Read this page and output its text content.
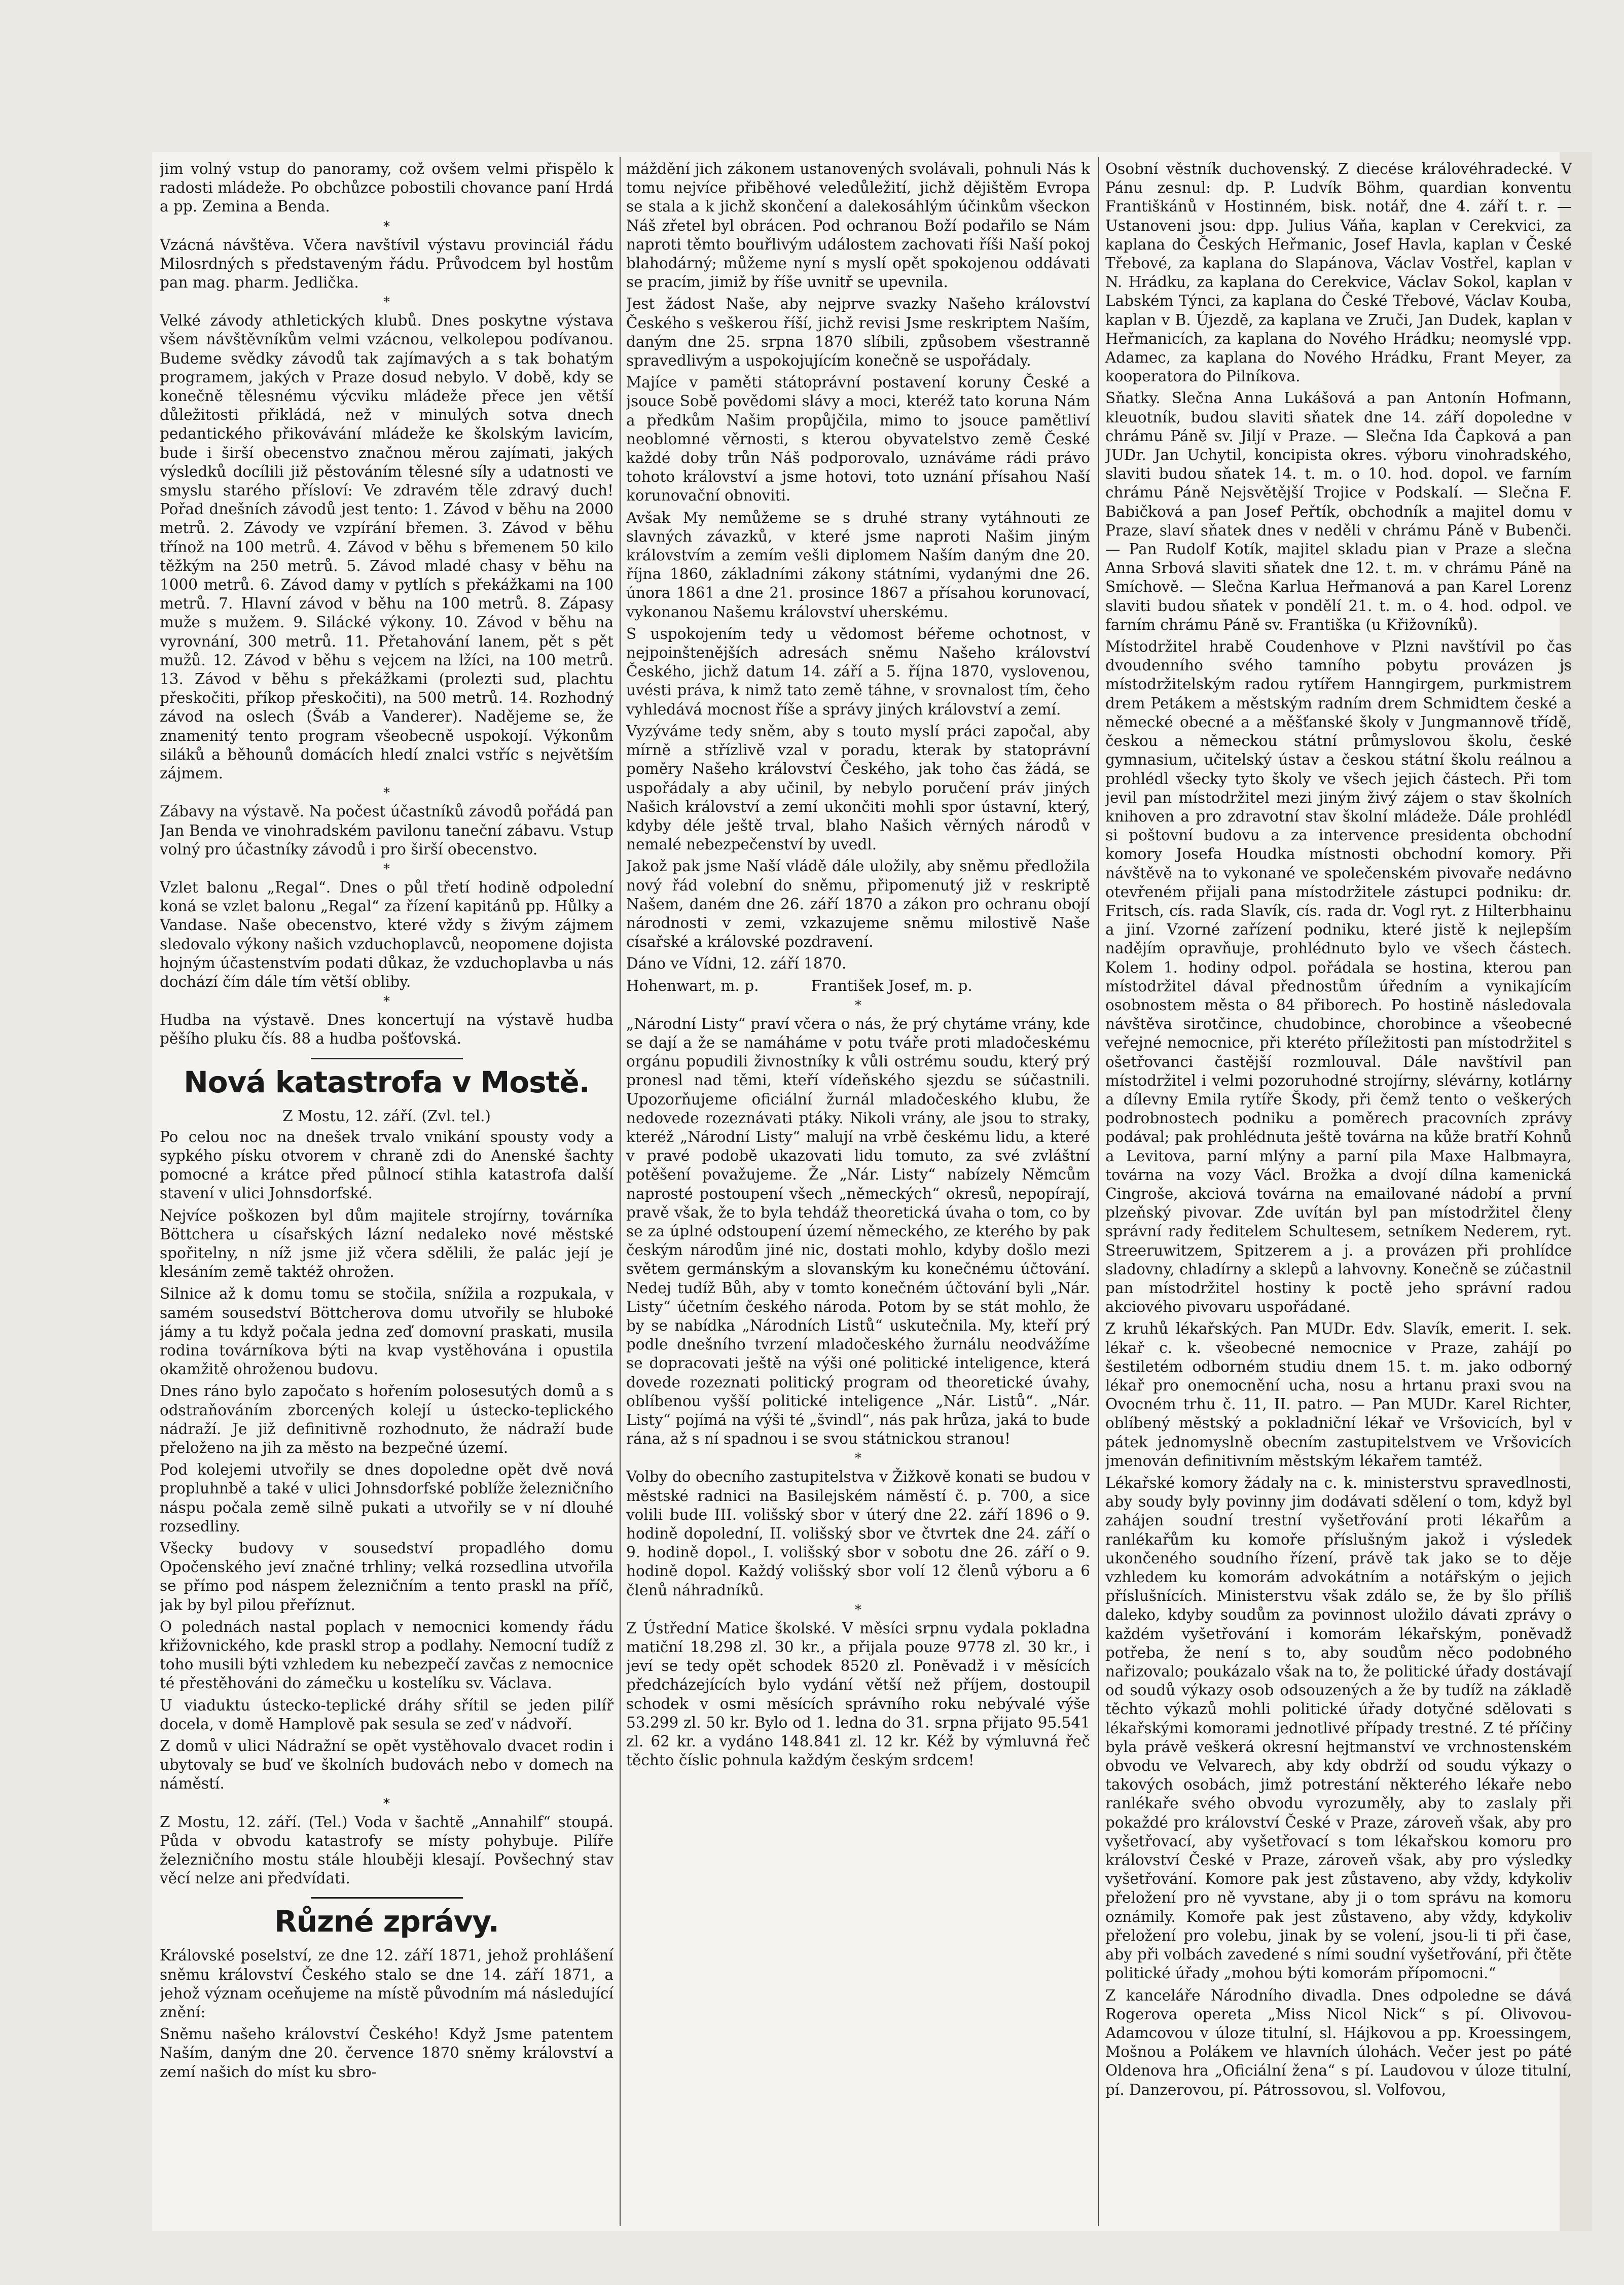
jim volný vstup do panoramy, což ovšem velmi přispělo k radosti mládeže. Po obchůzce pobostili chovance paní Hrdá a pp. Zemina a Benda.

*

Vzácná návštěva. Včera navštívil výstavu provinciál řádu Milosrdných s představeným řádu. Průvodcem byl hostům pan mag. pharm. Jedlička.

*

Velké závody athletických klubů. Dnes poskytne výstava všem návštěvníkům velmi vzácnou, velkolepou podívanou. Budeme svědky závodů tak zajímavých a s tak bohatým programem, jakých v Praze dosud nebylo. V době, kdy se konečně tělesnému výcviku mládeže přece jen větší důležitosti přikládá, než v minulých sotva dnech pedantického přikovávání mládeže ke školským lavicím, bude i širší obecenstvo značnou měrou zajímati, jakých výsledků docílili již pěstováním tělesné síly a udatnosti ve smyslu starého přísloví: Ve zdravém těle zdravý duch! Pořad dnešních závodů jest tento: 1. Závod v běhu na 2000 metrů. 2. Závody ve vzpírání břemen. 3. Závod v běhu třínož na 100 metrů. 4. Závod v běhu s břemenem 50 kilo těžkým na 250 metrů. 5. Závod mladé chasy v běhu na 1000 metrů. 6. Závod damy v pytlích s překážkami na 100 metrů. 7. Hlavní závod v běhu na 100 metrů. 8. Zápasy muže s mužem. 9. Silácké výkony. 10. Závod v běhu na vyrovnání, 300 metrů. 11. Přetahování lanem, pět s pět mužů. 12. Závod v běhu s vejcem na lžíci, na 100 metrů. 13. Závod v běhu s překážkami (prolezti sud, plachtu přeskočiti, příkop přeskočiti), na 500 metrů. 14. Rozhodný závod na oslech (Šváb a Vanderer). Nadějeme se, že znamenitý tento program všeobecně uspokojí. Výkonům siláků a běhounů domácích hledí znalci vstříc s největším zájmem.

*

Zábavy na výstavě. Na počest účastníků závodů pořádá pan Jan Benda ve vinohradském pavilonu taneční zábavu. Vstup volný pro účastníky závodů i pro širší obecenstvo.

*

Vzlet balonu „Regal“. Dnes o půl třetí hodině odpolední koná se vzlet balonu „Regal“ za řízení kapitánů pp. Hůlky a Vandase. Naše obecenstvo, které vždy s živým zájmem sledovalo výkony našich vzduchoplavců, neopomene dojista hojným účastenstvím podati důkaz, že vzduchoplavba u nás dochází čím dále tím větší obliby.

*

Hudba na výstavě. Dnes koncertují na výstavě hudba pěšího pluku čís. 88 a hudba pošťovská.

Nová katastrofa v Mostě.
Z Mostu, 12. září. (Zvl. tel.)

Po celou noc na dnešek trvalo vnikání spousty vody a sypkého písku otvorem v chraně zdi do Anenské šachty pomocné a krátce před půlnocí stihla katastrofa další stavení v ulici Johnsdorfské.

Nejvíce poškozen byl dům majitele strojírny, továrníka Böttchera u císařských lázní nedaleko nové městské spořitelny, n níž jsme již včera sdělili, že palác její je klesáním země taktéž ohrožen.

Silnice až k domu tomu se stočila, snížila a rozpukala, v samém sousedství Böttcherova domu utvořily se hluboké jámy a tu když počala jedna zeď domovní praskati, musila rodina továrníkova býti na kvap vystěhována i opustila okamžitě ohroženou budovu.

Dnes ráno bylo započato s hořením polosesutých domů a s odstraňováním zborcených kolejí u ústecko-teplického nádraží. Je již definitivně rozhodnuto, že nádraží bude přeloženo na jih za město na bezpečné území.

Pod kolejemi utvořily se dnes dopoledne opět dvě nová propluhnbě a také v ulici Johnsdorfské poblíže železničního náspu počala země silně pukati a utvořily se v ní dlouhé rozsedliny.

Všecky budovy v sousedství propadlého domu Opočenského jeví značné trhliny; velká rozsedlina utvořila se přímo pod náspem železničním a tento praskl na příč, jak by byl pilou přeříznut.

O polednách nastal poplach v nemocnici komendy řádu křižovnického, kde praskl strop a podlahy. Nemocní tudíž z toho musili býti vzhledem ku nebezpečí zavčas z nemocnice té přestěhováni do zámečku u kostelíku sv. Václava.

U viaduktu ústecko-teplické dráhy sřítil se jeden pilíř docela, v domě Hamplově pak sesula se zeď v nádvoří.

Z domů v ulici Nádražní se opět vystěhovalo dvacet rodin i ubytovaly se buď ve školních budovách nebo v domech na náměstí.

*

Z Mostu, 12. září. (Tel.) Voda v šachtě „Annahilf“ stoupá. Půda v obvodu katastrofy se místy pohybuje. Pilíře železničního mostu stále hlouběji klesají. Povšechný stav věcí nelze ani předvídati.

Různé zprávy.

Královské poselství, ze dne 12. září 1871, jehož prohlášení sněmu království Českého stalo se dne 14. září 1871, a jehož význam oceňujeme na místě původním má následující znění:

Sněmu našeho království Českého! Když Jsme patentem Naším, daným dne 20. července 1870 sněmy království a zemí našich do míst ku sbro-

máždění jich zákonem ustanovených svolávali, pohnuli Nás k tomu nejvíce přiběhové veledůležití, jichž dějištěm Evropa se stala a k jichž skončení a dalekosáhlým účinkům všeckon Náš zřetel byl obrácen. Pod ochranou Boží podařilo se Nám naproti těmto bouřlivým událostem zachovati říši Naší pokoj blahodárný; můžeme nyní s myslí opět spokojenou oddávati se pracím, jimiž by říše uvnitř se upevnila.

Jest žádost Naše, aby nejprve svazky Našeho království Českého s veškerou říší, jichž revisi Jsme reskriptem Naším, daným dne 25. srpna 1870 slíbili, způsobem všestranně spravedlivým a uspokojujícím konečně se uspořádaly.

Majíce v paměti státoprávní postavení koruny České a jsouce Sobě povědomi slávy a moci, kteréž tato koruna Nám a předkům Našim propůjčila, mimo to jsouce pamětliví neoblomné věrnosti, s kterou obyvatelstvo země České každé doby trůn Náš podporovalo, uznáváme rádi právo tohoto království a jsme hotovi, toto uznání přísahou Naší korunovační obnoviti.

Avšak My nemůžeme se s druhé strany vytáhnouti ze slavných závazků, v které jsme naproti Našim jiným královstvím a zemím vešli diplomem Naším daným dne 20. října 1860, základními zákony státními, vydanými dne 26. února 1861 a dne 21. prosince 1867 a přísahou korunovací, vykonanou Našemu království uherskému.

S uspokojením tedy u vědomost béřeme ochotnost, v nejpoinštenějších adresách sněmu Našeho království Českého, jichž datum 14. září a 5. října 1870, vyslovenou, uvésti práva, k nimž tato země táhne, v srovnalost tím, čeho vyhledává mocnost říše a správy jiných království a zemí.

Vyzýváme tedy sněm, aby s touto myslí práci započal, aby mírně a střízlivě vzal v poradu, kterak by statoprávní poměry Našeho království Českého, jak toho čas žádá, se uspořádaly a aby učinil, by nebylo poručení práv jiných Našich království a zemí ukončiti mohli spor ústavní, který, kdyby déle ještě trval, blaho Našich věrných národů v nemalé nebezpečenství by uvedl.

Jakož pak jsme Naší vládě dále uložily, aby sněmu předložila nový řád volební do sněmu, připomenutý již v reskriptě Našem, daném dne 26. září 1870 a zákon pro ochranu obojí národnosti v zemi, vzkazujeme sněmu milostivě Naše císařské a královské pozdravení.

Dáno ve Vídni, 12. září 1870.

Hohenwart, m. p.           František Josef, m. p.

*

„Národní Listy“ praví včera o nás, že prý chytáme vrány, kde se dají a že se namáháme v potu tváře proti mladočeskému orgánu popudili živnostníky k vůli ostrému soudu, který prý pronesl nad těmi, kteří vídeňského sjezdu se súčastnili. Upozorňujeme oficiální žurnál mladočeského klubu, že nedovede rozeznávati ptáky. Nikoli vrány, ale jsou to straky, kteréž „Národní Listy“ malují na vrbě českému lidu, a které v pravé podobě ukazovati lidu tomuto, za své zvláštní potěšení považujeme. Že „Nár. Listy“ nabízely Němcům naprosté postoupení všech „německých“ okresů, nepopírají, pravě však, že to byla tehdáž theoretická úvaha o tom, co by se za úplné odstoupení území německého, ze kterého by pak českým národům jiné nic, dostati mohlo, kdyby došlo mezi světem germánským a slovanským ku konečnému účtování. Nedej tudíž Bůh, aby v tomto konečném účtování byli „Nár. Listy“ účetním českého národa. Potom by se stát mohlo, že by se nabídka „Národních Listů“ uskutečnila. My, kteří prý podle dnešního tvrzení mladočeského žurnálu neodvážíme se dopracovati ještě na výši oné politické inteligence, která dovede rozeznati politický program od theoretické úvahy, oblíbenou vyšší politické inteligence „Nár. Listů“. „Nár. Listy“ pojímá na výši té „švindl“, nás pak hrůza, jaká to bude rána, až s ní spadnou i se svou státnickou stranou!

*

Volby do obecního zastupitelstva v Žižkově konati se budou v městské radnici na Basilejském náměstí č. p. 700, a sice volili bude III. volišský sbor v úterý dne 22. září 1896 o 9. hodině dopolední, II. volišský sbor ve čtvrtek dne 24. září o 9. hodině dopol., I. volišský sbor v sobotu dne 26. září o 9. hodině dopol. Každý volišský sbor volí 12 členů výboru a 6 členů náhradníků.

*

Z Ústřední Matice školské. V měsíci srpnu vydala pokladna matiční 18.298 zl. 30 kr., a přijala pouze 9778 zl. 30 kr., i jeví se tedy opět schodek 8520 zl. Poněvadž i v měsících předcházejících bylo vydání větší než příjem, dostoupil schodek v osmi měsících správního roku nebývalé výše 53.299 zl. 50 kr. Bylo od 1. ledna do 31. srpna přijato 95.541 zl. 62 kr. a vydáno 148.841 zl. 12 kr. Kéž by výmluvná řeč těchto číslic pohnula každým českým srdcem!

Osobní věstník duchovenský. Z diecése královéhradecké. V Pánu zesnul: dp. P. Ludvík Böhm, quardian konventu Františkánů v Hostinném, bisk. notář, dne 4. září t. r. — Ustanoveni jsou: dpp. Julius Váňa, kaplan v Cerekvici, za kaplana do Českých Heřmanic, Josef Havla, kaplan v České Třebové, za kaplana do Slapánova, Václav Vostřel, kaplan v N. Hrádku, za kaplana do Cerekvice, Václav Sokol, kaplan v Labském Týnci, za kaplana do České Třebové, Václav Kouba, kaplan v B. Újezdě, za kaplana ve Zruči, Jan Dudek, kaplan v Heřmanicích, za kaplana do Nového Hrádku; neomyslé vpp. Adamec, za kaplana do Nového Hrádku, Frant Meyer, za kooperatora do Pilníkova.

Sňatky. Slečna Anna Lukášová a pan Antonín Hofmann, kleuotník, budou slaviti sňatek dne 14. září dopoledne v chrámu Páně sv. Jiljí v Praze. — Slečna Ida Čapková a pan JUDr. Jan Uchytil, koncipista okres. výboru vinohradského, slaviti budou sňatek 14. t. m. o 10. hod. dopol. ve farním chrámu Páně Nejsvětější Trojice v Podskalí. — Slečna F. Babičková a pan Josef Peřtík, obchodník a majitel domu v Praze, slaví sňatek dnes v neděli v chrámu Páně v Bubenči. — Pan Rudolf Kotík, majitel skladu pian v Praze a slečna Anna Srbová slaviti sňatek dne 12. t. m. v chrámu Páně na Smíchově. — Slečna Karlua Heřmanová a pan Karel Lorenz slaviti budou sňatek v pondělí 21. t. m. o 4. hod. odpol. ve farním chrámu Páně sv. Františka (u Křižovníků).

Místodržitel hrabě Coudenhove v Plzni navštívil po čas dvoudenního svého tamního pobytu provázen js místodržitelským radou rytířem Hanngirgem, purkmistrem drem Petákem a městským radním drem Schmidtem české a německé obecné a a měšťanské školy v Jungmannově třídě, českou a německou státní průmyslovou školu, české gymnasium, učitelský ústav a českou státní školu reálnou a prohlédl všecky tyto školy ve všech jejich částech. Při tom jevil pan místodržitel mezi jiným živý zájem o stav školních knihoven a pro zdravotní stav školní mládeže. Dále prohlédl si poštovní budovu a za intervence presidenta obchodní komory Josefa Houdka místnosti obchodní komory. Při návštěvě na to vykonané ve společenském pivovaře nedávno otevřeném přijali pana místodržitele zástupci podniku: dr. Fritsch, cís. rada Slavík, cís. rada dr. Vogl ryt. z Hilterbhainu a jiní. Vzorné zařízení podniku, které jistě k nejlepším nadějím opravňuje, prohlédnuto bylo ve všech částech. Kolem 1. hodiny odpol. pořádala se hostina, kterou pan místodržitel dával přednostům úředním a vynikajícím osobnostem města o 84 přiborech. Po hostině následovala návštěva sirotčince, chudobince, chorobince a všeobecné veřejné nemocnice, při kteréto příležitosti pan místodržitel s ošetřovanci častější rozmlouval. Dále navštívil pan místodržitel i velmi pozoruhodné strojírny, slévárny, kotlárny a dílevny Emila rytíře Škody, při čemž tento o veškerých podrobnostech podniku a poměrech pracovních zprávy podával; pak prohlédnuta ještě továrna na kůže bratří Kohnů a Levitova, parní mlýny a parní pila Maxe Halbmayra, továrna na vozy Václ. Brožka a dvojí dílna kamenická Cingroše, akciová továrna na emailované nádobí a první plzeňský pivovar. Zde uvítán byl pan místodržitel členy správní rady ředitelem Schultesem, setníkem Nederem, ryt. Streeruwitzem, Spitzerem a j. a provázen při prohlídce sladovny, chladírny a sklepů a lahvovny. Konečně se zúčastnil pan místodržitel hostiny k poctě jeho správní radou akciového pivovaru uspořádané.

Z kruhů lékařských. Pan MUDr. Edv. Slavík, emerit. I. sek. lékař c. k. všeobecné nemocnice v Praze, zahájí po šestiletém odborném studiu dnem 15. t. m. jako odborný lékař pro onemocnění ucha, nosu a hrtanu praxi svou na Ovocném trhu č. 11, II. patro. — Pan MUDr. Karel Richter, oblíbený městský a pokladniční lékař ve Vršovicích, byl v pátek jednomyslně obecním zastupitelstvem ve Vršovicích jmenován definitivním městským lékařem tamtéž.

Lékařské komory žádaly na c. k. ministerstvu spravedlnosti, aby soudy byly povinny jim dodávati sdělení o tom, když byl zahájen soudní trestní vyšetřování proti lékařům a ranlékařům ku komoře příslušným jakož i výsledek ukončeného soudního řízení, právě tak jako se to děje vzhledem ku komorám advokátním a notářským o jejich příslušnících. Ministerstvu však zdálo se, že by šlo příliš daleko, kdyby soudům za povinnost uložilo dávati zprávy o každém vyšetřování i komorám lékařským, poněvadž potřeba, že není s to, aby soudům něco podobného nařizovalo; poukázalo však na to, že politické úřady dostávají od soudů výkazy osob odsouzených a že by tudíž na základě těchto výkazů mohli politické úřady dotyčné sdělovati s lékařskými komorami jednotlivé případy trestné. Z té příčiny byla právě veškerá okresní hejtmanství ve vrchnostenském obvodu ve Velvarech, aby kdy obdrží od soudu výkazy o takových osobách, jimž potrestání některého lékaře nebo ranlékaře svého obvodu vyrozuměly, aby to zaslaly při pokaždé pro království České v Praze, zároveň však, aby pro vyšetřovací, aby vyšetřovací s tom lékařskou komoru pro království České v Praze, zároveň však, aby pro výsledky vyšetřování. Komore pak jest zůstaveno, aby vždy, kdykoliv přeložení pro ně vyvstane, aby ji o tom správu na komoru oznámily. Komoře pak jest zůstaveno, aby vždy, kdykoliv přeložení pro volebu, jinak by se volení, jsou-li ti při čase, aby při volbách zavedené s ními soudní vyšetřování, při čtěte politické úřady „mohou býti komorám přípomocni.“

Z kanceláře Národního divadla. Dnes odpoledne se dává Rogerova opereta „Miss Nicol Nick“ s pí. Olivovou-Adamcovou v úloze titulní, sl. Hájkovou a pp. Kroessingem, Mošnou a Polákem ve hlavních úlohách. Večer jest po páté Oldenova hra „Oficiální žena“ s pí. Laudovou v úloze titulní, pí. Danzerovou, pí. Pátrossovou, sl. Volfovou,
